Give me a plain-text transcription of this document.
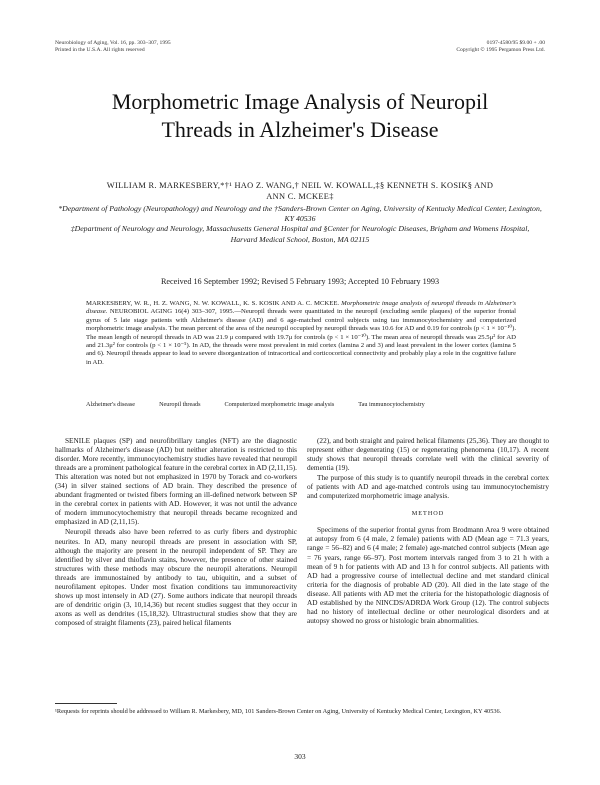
Neurobiology of Aging, Vol. 16, pp. 303–307, 1995
Printed in the U.S.A. All rights reserved
0197-4580/95 $9.00 + .00
Copyright © 1995 Pergamon Press Ltd.
Morphometric Image Analysis of Neuropil
Threads in Alzheimer's Disease
WILLIAM R. MARKESBERY,*†¹ HAO Z. WANG,† NEIL W. KOWALL,‡§ KENNETH S. KOSIK§ AND
ANN C. MCKEE‡
*Department of Pathology (Neuropathology) and Neurology and the †Sanders-Brown Center on Aging, University of Kentucky Medical Center, Lexington, KY 40536
‡Department of Neurology and Neurology, Massachusetts General Hospital and §Center for Neurologic Diseases, Brigham and Womens Hospital, Harvard Medical School, Boston, MA 02115
Received 16 September 1992; Revised 5 February 1993; Accepted 10 February 1993
MARKESBERY, W. R., H. Z. WANG, N. W. KOWALL, K. S. KOSIK AND A. C. MCKEE. Morphometric image analysis of neuropil threads in Alzheimer's disease. NEUROBIOL AGING 16(4) 303–307, 1995.—Neuropil threads were quantitated in the neuropil (excluding senile plaques) of the superior frontal gyrus of 5 late stage patients with Alzheimer's disease (AD) and 6 age-matched control subjects using tau immunocytochemistry and computerized morphometric image analysis. The mean percent of the area of the neuropil occupied by neuropil threads was 10.6 for AD and 0.19 for controls (p < 1 × 10⁻¹⁰). The mean length of neuropil threads in AD was 21.9 μ compared with 19.7μ for controls (p < 1 × 10⁻¹⁰). The mean area of neuropil threads was 25.5μ² for AD and 21.3μ² for controls (p < 1 × 10⁻⁵). In AD, the threads were most prevalent in mid cortex (lamina 2 and 3) and least prevalent in the lower cortex (lamina 5 and 6). Neuropil threads appear to lead to severe disorganization of intracortical and corticocortical connectivity and probably play a role in the cognitive failure in AD.
Alzheimer's disease	Neuropil threads	Computerized morphometric image analysis	Tau immunocytochemistry

SENILE plaques (SP) and neurofibrillary tangles (NFT) are the diagnostic hallmarks of Alzheimer's disease (AD) but neither alteration is restricted to this disorder. More recently, immunocytochemistry studies have revealed that neuropil threads are a prominent pathological feature in the cerebral cortex in AD (2,11,15). This alteration was noted but not emphasized in 1970 by Torack and co-workers (34) in silver stained sections of AD brain. They described the presence of abundant fragmented or twisted fibers forming an ill-defined network between SP in the cerebral cortex in patients with AD. However, it was not until the advance of modern immunocytochemistry that neuropil threads became recognized and emphasized in AD (2,11,15).

Neuropil threads also have been referred to as curly fibers and dystrophic neurites. In AD, many neuropil threads are present in association with SP, although the majority are present in the neuropil independent of SP. They are identified by silver and thioflavin stains, however, the presence of other stained structures with these methods may obscure the neuropil alterations. Neuropil threads are immunostained by antibody to tau, ubiquitin, and a subset of neurofilament epitopes. Under most fixation conditions tau immunoreactivity shows up most intensely in AD (27). Some authors indicate that neuropil threads are of dendritic origin (3, 10,14,36) but recent studies suggest that they occur in axons as well as dendrites (15,18,32). Ultrastructural studies show that they are composed of straight filaments (23), paired helical filaments

(22), and both straight and paired helical filaments (25,36). They are thought to represent either degenerating (15) or regenerating phenomena (10,17). A recent study shows that neuropil threads correlate well with the clinical severity of dementia (19).

The purpose of this study is to quantify neuropil threads in the cerebral cortex of patients with AD and age-matched controls using tau immunocytochemistry and computerized morphometric image analysis.

METHOD

Specimens of the superior frontal gyrus from Brodmann Area 9 were obtained at autopsy from 6 (4 male, 2 female) patients with AD (Mean age = 71.3 years, range = 56–82) and 6 (4 male; 2 female) age-matched control subjects (Mean age = 76 years, range 66–97). Post mortem intervals ranged from 3 to 21 h with a mean of 9 h for patients with AD and 13 h for control subjects. All patients with AD had a progressive course of intellectual decline and met standard clinical criteria for the diagnosis of probable AD (20). All died in the late stage of the disease. All patients with AD met the criteria for the histopathologic diagnosis of AD established by the NINCDS/ADRDA Work Group (12). The control subjects had no history of intellectual decline or other neurological disorders and at autopsy showed no gross or histologic brain abnormalities.

¹Requests for reprints should be addressed to William R. Markesbery, MD, 101 Sanders-Brown Center on Aging, University of Kentucky Medical Center, Lexington, KY 40536.
303
